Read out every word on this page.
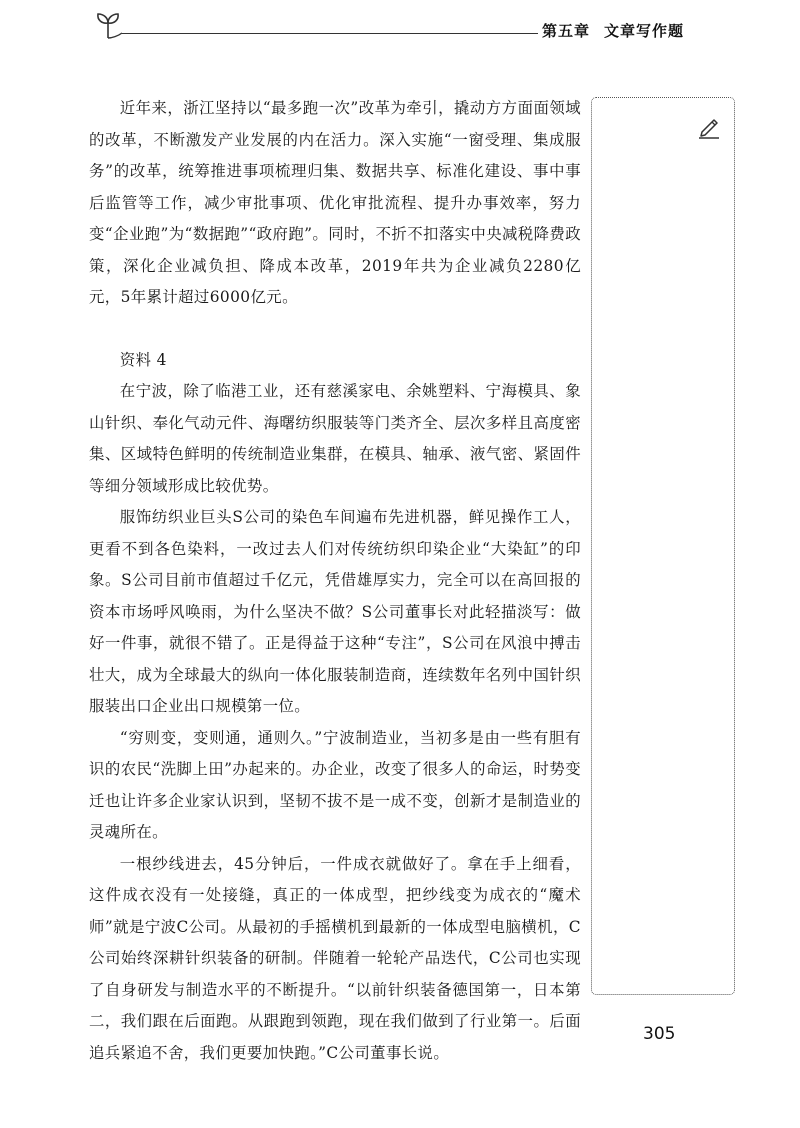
第五章 文章写作题

近年来，浙江坚持以“最多跑一次”改革为牵引，撬动方方面面领域的改革，不断激发产业发展的内在活力。深入实施“一窗受理、集成服务”的改革，统筹推进事项梳理归集、数据共享、标准化建设、事中事后监管等工作，减少审批事项、优化审批流程、提升办事效率，努力变“企业跑”为“数据跑”“政府跑”。同时，不折不扣落实中央减税降费政策，深化企业减负担、降成本改革，2019年共为企业减负2280亿元，5年累计超过6000亿元。

资料 4

在宁波，除了临港工业，还有慈溪家电、余姚塑料、宁海模具、象山针织、奉化气动元件、海曙纺织服装等门类齐全、层次多样且高度密集、区域特色鲜明的传统制造业集群，在模具、轴承、液气密、紧固件等细分领域形成比较优势。

服饰纺织业巨头S公司的染色车间遍布先进机器，鲜见操作工人，更看不到各色染料，一改过去人们对传统纺织印染企业“大染缸”的印象。S公司目前市值超过千亿元，凭借雄厚实力，完全可以在高回报的资本市场呼风唤雨，为什么坚决不做？S公司董事长对此轻描淡写：做好一件事，就很不错了。正是得益于这种“专注”，S公司在风浪中搏击壮大，成为全球最大的纵向一体化服装制造商，连续数年名列中国针织服装出口企业出口规模第一位。

“穷则变，变则通，通则久。”宁波制造业，当初多是由一些有胆有识的农民“洗脚上田”办起来的。办企业，改变了很多人的命运，时势变迁也让许多企业家认识到，坚韧不拔不是一成不变，创新才是制造业的灵魂所在。

一根纱线进去，45分钟后，一件成衣就做好了。拿在手上细看，这件成衣没有一处接缝，真正的一体成型，把纱线变为成衣的“魔术师”就是宁波C公司。从最初的手摇横机到最新的一体成型电脑横机，C公司始终深耕针织装备的研制。伴随着一轮轮产品迭代，C公司也实现了自身研发与制造水平的不断提升。“以前针织装备德国第一，日本第二，我们跟在后面跑。从跟跑到领跑，现在我们做到了行业第一。后面追兵紧追不舍，我们更要加快跑。”C公司董事长说。

305
